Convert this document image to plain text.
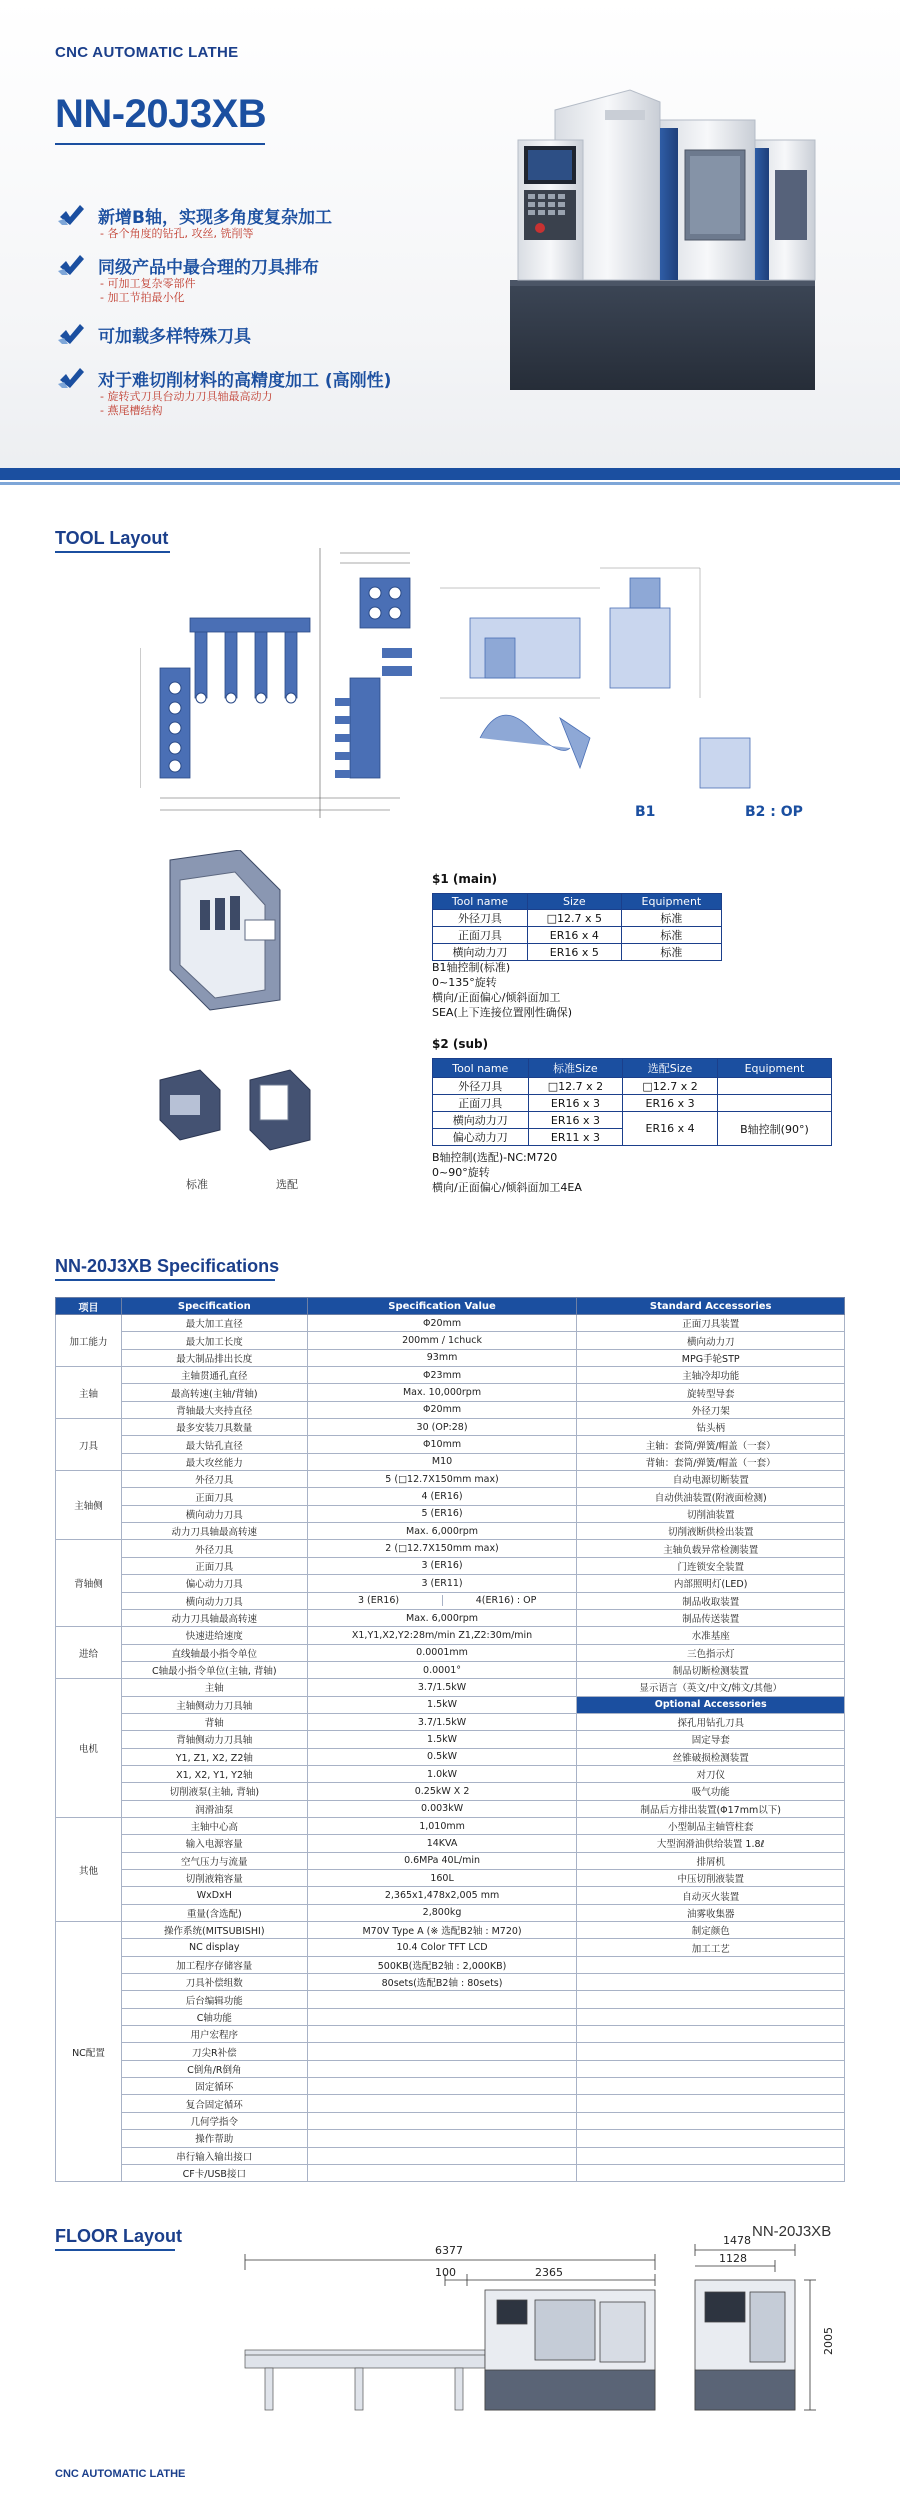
CNC AUTOMATIC LATHE
NN-20J3XB
新增B轴，实现多角度复杂加工
- 各个角度的钻孔, 攻丝, 铣削等
同级产品中最合理的刀具排布
- 可加工复杂零部件
- 加工节拍最小化
可加载多样特殊刀具
对于难切削材料的高精度加工 (高刚性)
- 旋转式刀具台动力刀具轴最高动力
- 燕尾槽结构
TOOL Layout
B1	B2 : OP
标准	选配
$1 (main)
Tool name	Size	Equipment
外径刀具	□12.7 x 5	标准
正面刀具	ER16 x 4	标准
横向动力刀	ER16 x 5	标准
B1轴控制(标准)
0~135°旋转
横向/正面偏心/倾斜面加工
SEA(上下连接位置刚性确保)
$2 (sub)
Tool name	标准Size	选配Size	Equipment
外径刀具	□12.7 x 2	□12.7 x 2	
正面刀具	ER16 x 3	ER16 x 3	
横向动力刀	ER16 x 3	ER16 x 4	B轴控制(90°)
偏心动力刀	ER11 x 3		
B轴控制(选配)-NC:M720
0~90°旋转
横向/正面偏心/倾斜面加工4EA
NN-20J3XB Specifications
项目	Specification	Specification Value	Standard Accessories
加工能力	最大加工直径	Φ20mm	正面刀具装置
	最大加工长度	200mm / 1chuck	横向动力刀
	最大制品排出长度	93mm	MPG手轮STP
主轴	主轴贯通孔直径	Φ23mm	主轴冷却功能
	最高转速(主轴/背轴)	Max. 10,000rpm	旋转型导套
	背轴最大夹持直径	Φ20mm	外径刀架
刀具	最多安装刀具数量	30 (OP:28)	钻头柄
	最大钻孔直径	Φ10mm	主轴：套筒/弹簧/帽盖（一套）
	最大攻丝能力	M10	背轴：套筒/弹簧/帽盖（一套）
主轴侧	外径刀具	5 (□12.7X150mm max)	自动电源切断装置
	正面刀具	4 (ER16)	自动供油装置(附液面检测)
	横向动力刀具	5 (ER16)	切削油装置
	动力刀具轴最高转速	Max. 6,000rpm	切削液断供检出装置
背轴侧	外径刀具	2 (□12.7X150mm max)	主轴负载异常检测装置
	正面刀具	3 (ER16)	门连锁安全装置
	偏心动力刀具	3 (ER11)	内部照明灯(LED)
	横向动力刀具	3 (ER16) 4(ER16) : OP	制品收取装置
	动力刀具轴最高转速	Max. 6,000rpm	制品传送装置
进给	快速进给速度	X1,Y1,X2,Y2:28m/min Z1,Z2:30m/min	水准基座
	直线轴最小指令单位	0.0001mm	三色指示灯
	C轴最小指令单位(主轴, 背轴)	0.0001°	制品切断检测装置
电机	主轴	3.7/1.5kW	显示语言（英文/中文/韩文/其他）
	主轴侧动力刀具轴	1.5kW	Optional Accessories
	背轴	3.7/1.5kW	探孔用钻孔刀具
	背轴侧动力刀具轴	1.5kW	固定导套
	Y1, Z1, X2, Z2轴	0.5kW	丝锥破损检测装置
	X1, X2, Y1, Y2轴	1.0kW	对刀仪
	切削液泵(主轴, 背轴)	0.25kW X 2	吸气功能
	润滑油泵	0.003kW	制品后方排出装置(Φ17mm以下)
其他	主轴中心高	1,010mm	小型制品主轴管柱套
	输入电源容量	14KVA	大型润滑油供给装置 1.8ℓ
	空气压力与流量	0.6MPa 40L/min	排屑机
	切削液箱容量	160L	中压切削液装置
	WxDxH	2,365x1,478x2,005 mm	自动灭火装置
	重量(含选配)	2,800kg	油雾收集器
NC配置	操作系统(MITSUBISHI)	M70V Type A (※ 选配B2轴 : M720)	制定颜色
	NC display	10.4 Color TFT LCD	加工工艺
	加工程序存储容量	500KB(选配B2轴 : 2,000KB)	
	刀具补偿组数	80sets(选配B2轴 : 80sets)	
	后台编辑功能		
	C轴功能		
	用户宏程序		
	刀尖R补偿		
	C倒角/R倒角		
	固定循环		
	复合固定循环		
	几何学指令		
	操作帮助		
	串行输入输出接口		
	CF卡/USB接口		
FLOOR Layout	NN-20J3XB
6377
100	2365
1478
1128
2005
CNC AUTOMATIC LATHE
